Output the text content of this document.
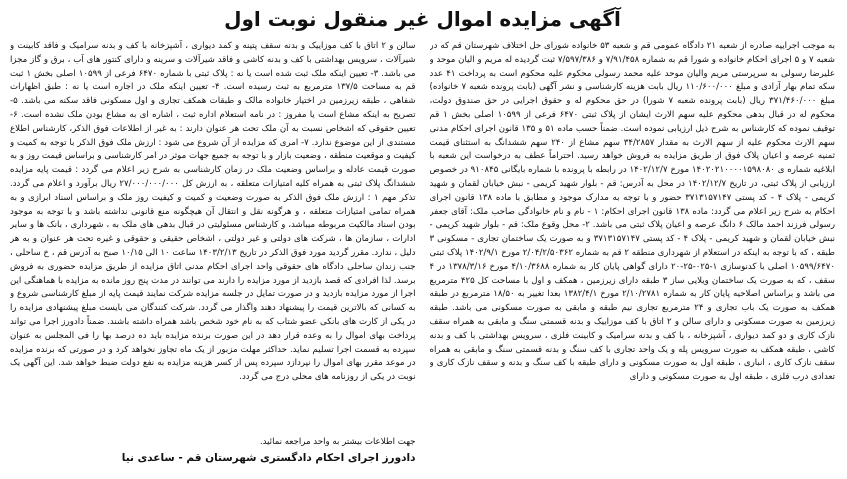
آگهی مزایده اموال غیر منقول نوبت اول

به موجب اجراییه صادره از شعبه ۲۱ دادگاه عمومی قم و شعبه ۵۳ خانواده شورای حل اختلاف شهرستان قم که در شعبه ۷ و ۵ اجرای احکام خانواده و شورا قم به شماره ۷/۹۱/۴۵۸ و ۷/۵۹۷/۳۸۶ ثبت گردیده له مریم و الیان موحد و علیرضا رسولی به سرپرستی مریم والیان موحد علیه محمد رسولی محکوم علیه محکوم است به پرداخت ۴۱ عدد سکه تمام بهار آزادی و مبلغ ۱۱۰/۶۰۰/۰۰۰ ریال بابت هزینه کارشناسی و نشر آگهی (بابت پرونده شعبه ۷ خانواده) مبلغ ۳۷۱/۴۶۰/۰۰۰ ریال (بابت پرونده شعبه ۷ شورا) در حق محکوم له و حقوق اجرایی در حق صندوق دولت، محکوم له در قبال بدهی محکوم علیه سهم الارث ایشان از پلاک ثبتی ۶۴۷۰ فرعی از ۱۰۵۹۹ اصلی بخش ۱ قم توقیف نموده که کارشناس به شرح ذیل ارزیابی نموده است. ضمناً حسب ماده ۵۱ و ۱۳۵ قانون اجرای احکام مدنی سهم الارث محکوم علیه از سهم الارث به مقدار ۳۴/۲۸۵۷ سهم مشاع از ۲۴۰ سهم ششدانگ به استثنای قیمت ثمنیه عرصه و اعیان پلاک فوق از طریق مزایده به فروش خواهد رسید. احتراماً عطف به درخواست این شعبه با ابلاغیه شماره ی ۱۴۰۲۰۲۱۰۰۰۰۱۵۹۸۰۸۰ مورخ ۱۴۰۲/۱۲/۷ در رابطه با پرونده با شماره بایگانی ۹۱۰۸۴۵ در خصوص ارزیابی از پلاک ثبتی، در تاریخ ۱۴۰۲/۱۲/۷ در محل به آدرس: قم - بلوار شهید کریمی - نبش خیابان لقمان و شهید کریمی - پلاک ۴ - کد پستی ۳۷۱۳۱۵۷۱۴۷ حضور و با توجه به مدارک موجود و مطابق با ماده ۱۳۸ قانون اجرای احکام به شرح زیر اعلام می گردد: ماده ۱۳۸ قانون اجرای احکام: ۱ - نام و نام خانوادگی صاحب ملک: آقای جعفر رسولی فرزند احمد مالک ۶ دانگ عرصه و اعیان پلاک ثبتی می باشد. ۲- محل وقوع ملک: قم - بلوار شهید کریمی - نبش خیابان لقمان و شهید کریمی - پلاک ۴ - کد پستی ۳۷۱۳۱۵۷۱۴۷ و به صورت یک ساختمان تجاری - مسکونی ۳ طبقه ، که با توجه به اینکه در استعلام از شهرداری منطقه ۲ قم به شماره ۲/۰۴/۲/۵۰۳۶۲ مورخ ۱۴۰۲/۹/۱ پلاک ثبتی ۱۰۵۹۹/۶۴۷۰ اصلی با کدنوسازی ۱-۰۲۵-۲۵-۲۰ دارای گواهی پایان کار به شماره ۴/۱۰/۳۶۸۸ مورخ ۱۳۷۸/۳/۱۶ در ۴ سقف ، که به صورت یک ساختمان ویلایی ساز ۳ طبقه دارای زیرزمین ، همکف و اول با مساحت کل ۴۲۵ مترمربع می باشد و براساس اصلاحیه پایان کار به شماره ۲/۱۰/۲۷۸۱ مورخ ۱۳۸۲/۴/۱ بعدا تغییر به ۱۸/۵۰ مترمربع در طبقه همکف به صورت یک باب تجاری و ۲۴ مترمربع تجاری نیم طبقه و مابقی به صورت مسکونی می باشد. طبقه زیرزمین به صورت مسکونی و دارای سالن و ۲ اتاق با کف موزاییک و بدنه قسمتی سنگ و مابقی به همراه سقف نازک کاری و دو کمد دیواری ، آشپزخانه ، با کف و بدنه سرامیک و کابینت فلزی ، سرویس بهداشتی با کف و بدنه کاشی ، طبقه همکف به صورت سرویس پله و یک واحد تجاری با کف سنگ و بدنه قسمتی سنگ و مابقی به همراه سقف نازک کاری ، انباری ، طبقه اول به صورت مسکونی و دارای طبقه با کف سنگ و بدنه و سقف نازک کاری و تعدادی درب فلزی ، طبقه اول به صورت مسکونی و دارای

سالن و ۲ اتاق با کف موزاییک و بدنه سقف پتینه و کمد دیواری ، آشپزخانه با کف و بدنه سرامیک و فاقد کابینت و شیرآلات ، سرویس بهداشتی با کف و بدنه کاشی و فاقد شیرآلات و سرینه و دارای کنتور های آب ، برق و گاز مجزا می باشد. ۳- تعیین اینکه ملک ثبت شده است یا نه : پلاک ثبتی با شماره ۶۴۷۰ فرعی از ۱۰۵۹۹ اصلی بخش ۱ ثبت قم به مساحت ۱۳۷/۵ مترمربع به ثبت رسیده است. ۴- تعیین اینکه ملک در اجاره است یا نه : طبق اظهارات شفاهی ، طبقه زیرزمین در اختیار خانواده مالک و طبقات همکف تجاری و اول مسکونی فاقد سکنه می باشد. ۵- تصریح به اینکه مشاع است یا مفروز : در نامه استعلام اداره ثبت ، اشاره ای به مشاع بودن ملک نشده است. ۶- تعیین حقوقی که اشخاص نسبت به آن ملک تحت هر عنوان دارند : به غیر از اطلاعات فوق الذکر، کارشناس اطلاع مستندی از این موضوع ندارد. ۷- امری که مزایده از آن شروع می شود : ارزش ملک فوق الذکر با توجه به کمیت و کیفیت و موقعیت منطقه ، وضعیت بازار و با توجه به جمیع جهات موثر در امر کارشناسی و براساس قیمت روز و به صورت قیمت عادله و براساس وضعیت ملک در زمان کارشناسی به شرح زیر اعلام می گردد : قیمت پایه مزایده ششدانگ پلاک ثبتی به همراه کلیه امتیازات متعلقه ، به ارزش کل ۲۷/۰۰۰/۰۰۰/۰۰۰ ریال برآورد و اعلام می گردد. تذکر مهم ۱ : ارزش ملک فوق الذکر به صورت وضعیت و کمیت و کیفیت روز ملک و براساس اسناد ابرازی و به همراه تمامی امتیازات متعلقه ، و هرگونه نقل و انتقال آن هیچگونه منع قانونی نداشته باشد و با توجه به موجود بودن اسناد مالکیت مربوطه میباشد، و کارشناس مسئولیتی در قبال بدهی های ملک به ، شهرداری ، بانک ها و سایر ادارات ، سازمان ها ، شرکت های دولتی و غیر دولتی ، اشخاص حقیقی و حقوقی و غیره تحت هر عنوان و به هر دلیل ، ندارد. مقرر گردید مورد فوق الذکر در تاریخ ۱۴۰۳/۲/۱۳ ساعت ۱۰ الی ۱۰/۱۵ صبح به آدرس قم ، خ ساحلی ، جنب زندان ساحلی دادگاه های حقوقی واحد اجرای احکام مدنی اتاق مزایده از طریق مزایده حضوری به فروش برسد. لذا افرادی که قصد بازدید از مورد مزایده را دارند می توانند در مدت پنج روز مانده به مزایده با هماهنگی این اجرا از مورد مزایده بازدید و در صورت تمایل در جلسه مزایده شرکت نمایند قیمت پایه از مبلغ کارشناسی شروع و به کسانی که بالاترین قیمت را پیشنهاد دهند واگذار می گردد. شرکت کنندگان می بایست مبلغ پیشنهادی مزایده را در یکی از کارت های بانکی عضو شتاب که به نام خود شخص باشد همراه داشته باشند. ضمناً دادورز اجرا می تواند پرداخت بهای اموال را به وعده قرار دهد در این صورت برنده مزایده باید ده درصد بها را فی المجلس به عنوان سپرده به قسمت اجرا تسلیم نماید. حداکثر مهلت مزبور از یک ماه تجاوز نخواهد کرد و در صورتی که برنده مزایده در موعد مقرر بهای اموال را نپردازد سپرده پس از کسر هزینه مزایده به نفع دولت ضبط خواهد شد. این آگهی یک نوبت در یکی از روزنامه های محلی درج می گردد.

جهت اطلاعات بیشتر به واحد مراجعه نمائید.

دادورز اجرای احکام دادگستری شهرستان قم - ساعدی نیا
